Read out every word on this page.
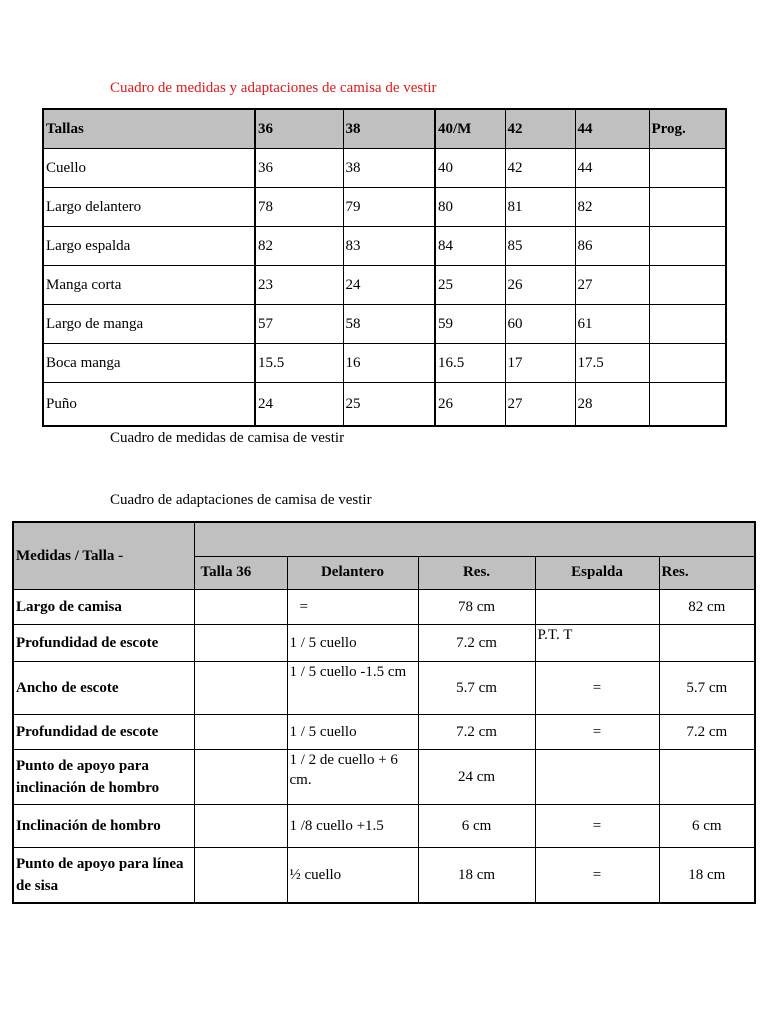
Cuadro de medidas y adaptaciones de camisa de vestir
Tallas	36	38	40/M	42	44	Prog.
Cuello	36	38	40	42	44	
Largo delantero	78	79	80	81	82	
Largo espalda	82	83	84	85	86	
Manga corta	23	24	25	26	27	
Largo de manga	57	58	59	60	61	
Boca manga	15.5	16	16.5	17	17.5	
Puño	24	25	26	27	28	
Cuadro de medidas de camisa de vestir
Cuadro de adaptaciones de camisa de vestir
Medidas / Talla -					
	Talla 36	Delantero	Res.	Espalda	Res.
Largo de camisa		=	78 cm		82 cm
Profundidad de escote		1 / 5 cuello	7.2 cm	P.T. T	
Ancho de escote		1 / 5 cuello -1.5 cm	5.7 cm	=	5.7 cm
Profundidad de escote		1 / 5 cuello	7.2 cm	=	7.2 cm
Punto de apoyo para inclinación de hombro		1 / 2 de cuello + 6 cm.	24 cm		
Inclinación de hombro		1 /8 cuello +1.5	6 cm	=	6 cm
Punto de apoyo para línea de sisa		½ cuello	18 cm	=	18 cm
